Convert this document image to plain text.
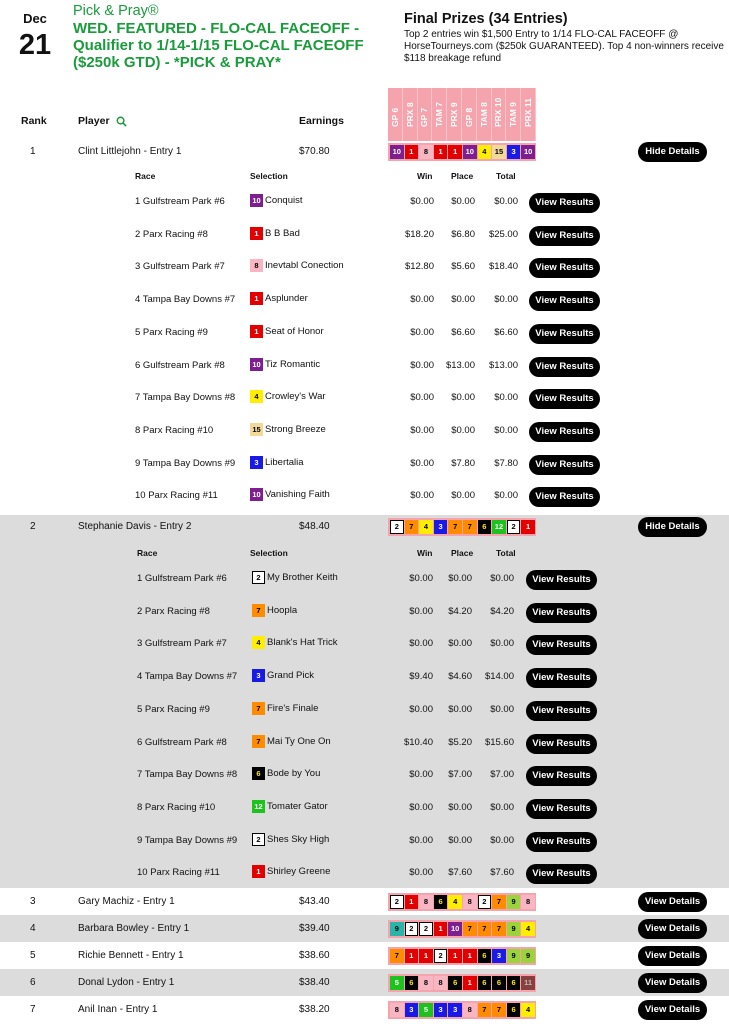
Dec
21
Pick & Pray®
WED. FEATURED - FLO-CAL FACEOFF - Qualifier to 1/14-1/15 FLO-CAL FACEOFF ($250k GTD) - *PICK & PRAY*
Final Prizes (34 Entries)
Top 2 entries win $1,500 Entry to 1/14 FLO-CAL FACEOFF @ HorseTourneys.com ($250k GUARANTEED). Top 4 non-winners receive $118 breakage refund
Rank	Player	Earnings	GP 6 PRX 8 GP 7 TAM 7 PRX 9 GP 8 TAM 8 PRX 10 TAM 9 PRX 11
1	Clint Littlejohn - Entry 1	$70.80	10	1	8	1	1	10	4	15	3	10	Hide Details
Race	Selection	Win Place	Total
1 Gulfstream Park #6	10 Conquist	$0.00	$0.00	$0.00	View Results
2 Parx Racing #8	1 B B Bad	$18.20	$6.80	$25.00	View Results
3 Gulfstream Park #7	8 Inevtabl Conection	$12.80	$5.60	$18.40	View Results
4 Tampa Bay Downs #7	1 Asplunder	$0.00	$0.00	$0.00	View Results
5 Parx Racing #9	1 Seat of Honor	$0.00	$6.60	$6.60	View Results
6 Gulfstream Park #8	10 Tiz Romantic	$0.00	$13.00	$13.00	View Results
7 Tampa Bay Downs #8	4 Crowley's War	$0.00	$0.00	$0.00	View Results
8 Parx Racing #10	15 Strong Breeze	$0.00	$0.00	$0.00	View Results
9 Tampa Bay Downs #9	3 Libertalia	$0.00	$7.80	$7.80	View Results
10 Parx Racing #11	10 Vanishing Faith	$0.00	$0.00	$0.00	View Results
2	Stephanie Davis - Entry 2	$48.40	2	7	4	3	7	7	6	12	2	1	Hide Details
Race	Selection	Win Place	Total
1 Gulfstream Park #6	2 My Brother Keith	$0.00	$0.00	$0.00	View Results
2 Parx Racing #8	7 Hoopla	$0.00	$4.20	$4.20	View Results
3 Gulfstream Park #7	4 Blank's Hat Trick	$0.00	$0.00	$0.00	View Results
4 Tampa Bay Downs #7	3 Grand Pick	$9.40	$4.60	$14.00	View Results
5 Parx Racing #9	7 Fire's Finale	$0.00	$0.00	$0.00	View Results
6 Gulfstream Park #8	7 Mai Ty One On	$10.40	$5.20	$15.60	View Results
7 Tampa Bay Downs #8	6 Bode by You	$0.00	$7.00	$7.00	View Results
8 Parx Racing #10	12 Tomater Gator	$0.00	$0.00	$0.00	View Results
9 Tampa Bay Downs #9	2 Shes Sky High	$0.00	$0.00	$0.00	View Results
10 Parx Racing #11	1 Shirley Greene	$0.00	$7.60	$7.60	View Results
3	Gary Machiz - Entry 1	$43.40	2	1	8	6	4	8	2	7	9	8	View Details
4	Barbara Bowley - Entry 1	$39.40	9	2	2	1	10	7	7	7	9	4	View Details
5	Richie Bennett - Entry 1	$38.60	7	1	1	2	1	1	6	3	9	9	View Details
6	Donal Lydon - Entry 1	$38.40	5	6	8	8	6	1	6	6	6	11	View Details
7	Anil Inan - Entry 1	$38.20	8	3	5	3	3	8	7	7	6	4	View Details
